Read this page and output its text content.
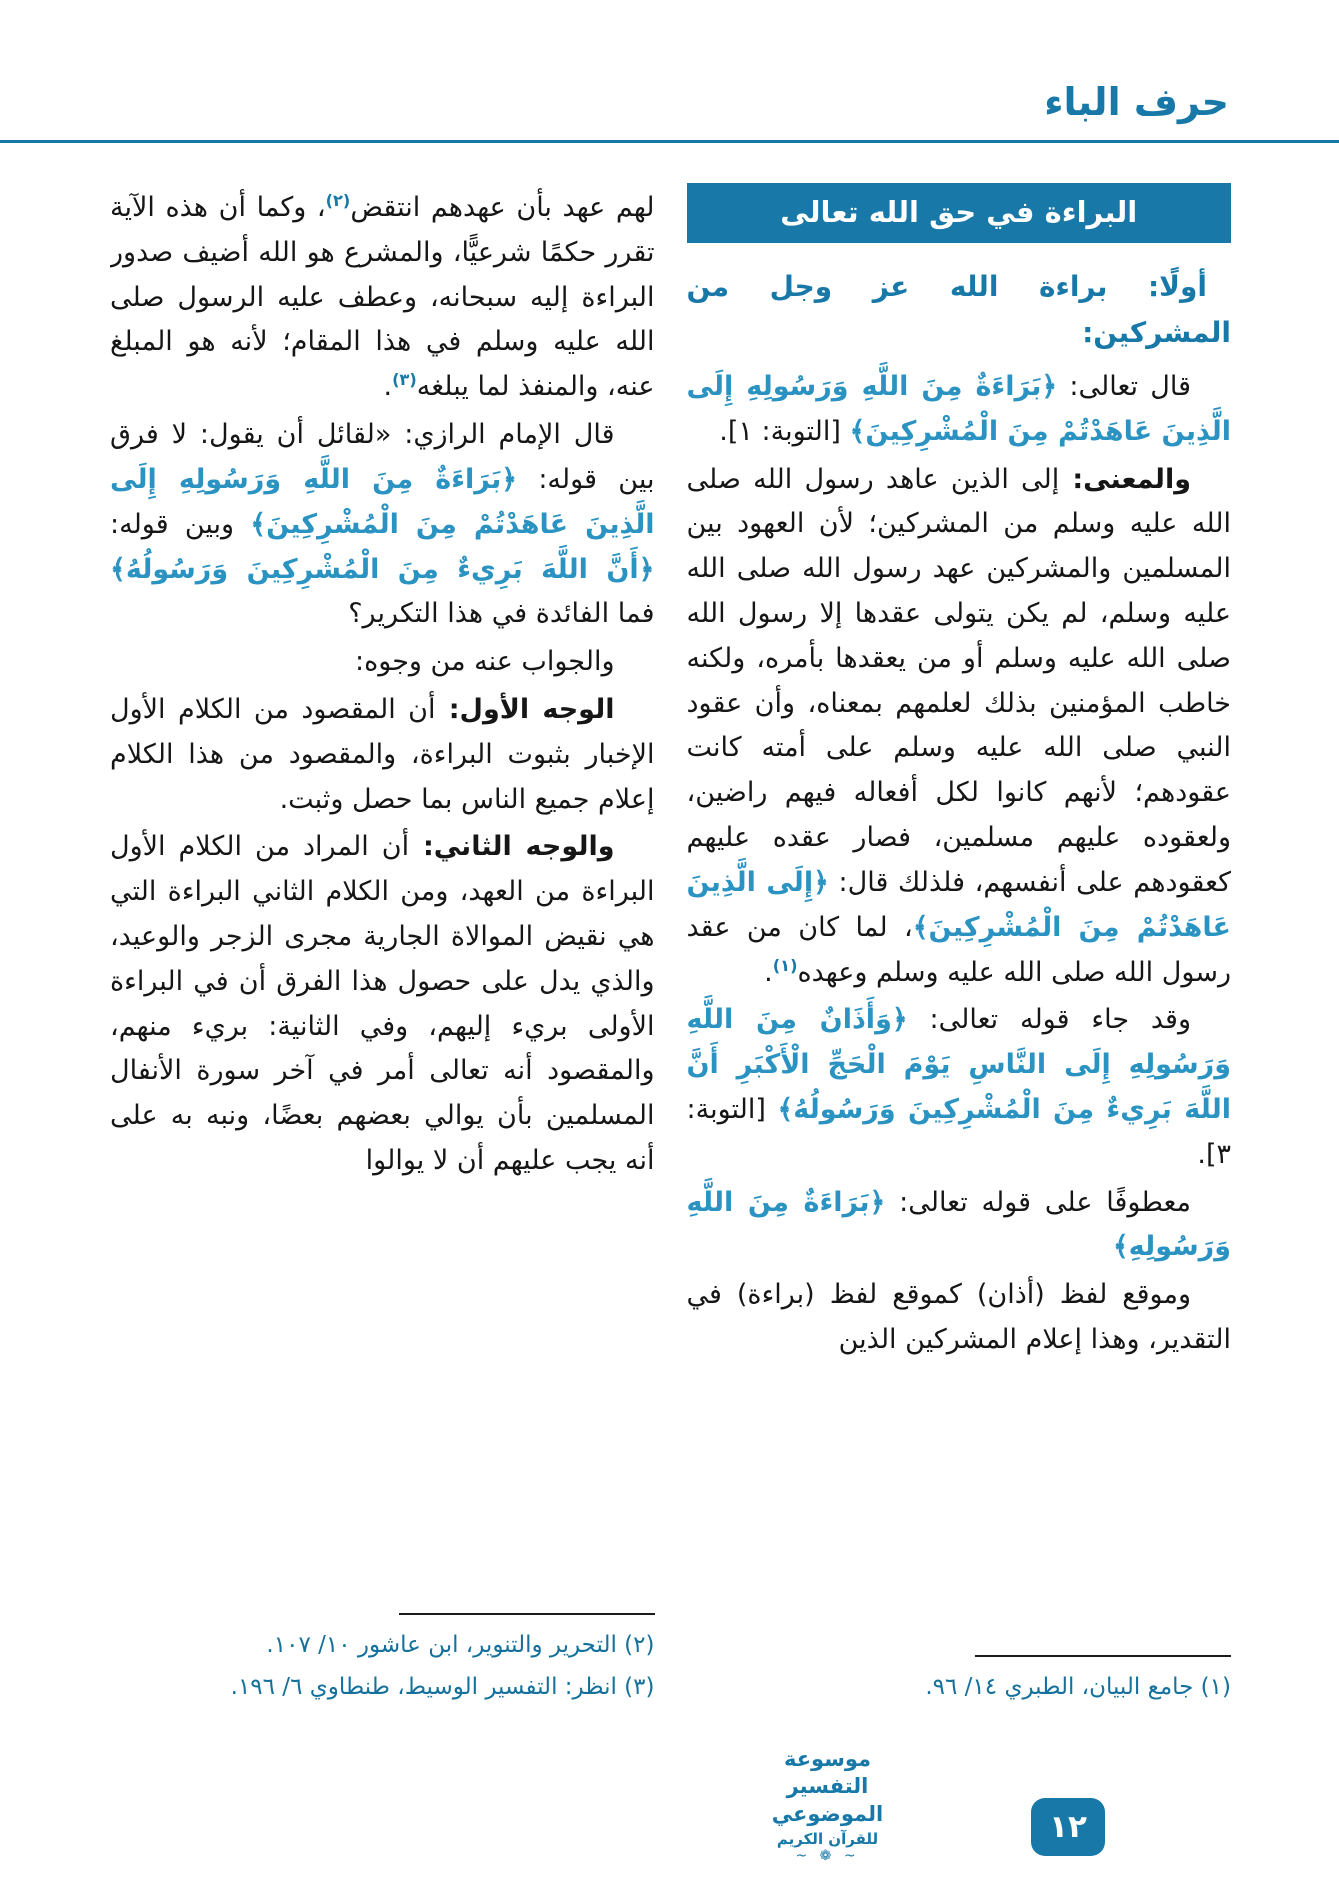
حرف الباء
البراءة في حق الله تعالى

أولًا: براءة الله عز وجل من المشركين:

قال تعالى: ﴿بَرَاءَةٌ مِنَ اللَّهِ وَرَسُولِهِ إِلَى الَّذِينَ عَاهَدْتُمْ مِنَ الْمُشْرِكِينَ﴾ [التوبة: ١].

والمعنى: إلى الذين عاهد رسول الله صلى الله عليه وسلم من المشركين؛ لأن العهود بين المسلمين والمشركين عهد رسول الله صلى الله عليه وسلم، لم يكن يتولى عقدها إلا رسول الله صلى الله عليه وسلم أو من يعقدها بأمره، ولكنه خاطب المؤمنين بذلك لعلمهم بمعناه، وأن عقود النبي صلى الله عليه وسلم على أمته كانت عقودهم؛ لأنهم كانوا لكل أفعاله فيهم راضين، ولعقوده عليهم مسلمين، فصار عقده عليهم كعقودهم على أنفسهم، فلذلك قال: ﴿إِلَى الَّذِينَ عَاهَدْتُمْ مِنَ الْمُشْرِكِينَ﴾، لما كان من عقد رسول الله صلى الله عليه وسلم وعهده$^{(١)}$.

وقد جاء قوله تعالى: ﴿وَأَذَانٌ مِنَ اللَّهِ وَرَسُولِهِ إِلَى النَّاسِ يَوْمَ الْحَجِّ الْأَكْبَرِ أَنَّ اللَّهَ بَرِيءٌ مِنَ الْمُشْرِكِينَ وَرَسُولُهُ﴾ [التوبة: ٣].

معطوفًا على قوله تعالى: ﴿بَرَاءَةٌ مِنَ اللَّهِ وَرَسُولِهِ﴾

وموقع لفظ (أذان) كموقع لفظ (براءة) في التقدير، وهذا إعلام المشركين الذين

(١) جامع البيان، الطبري ١٤/ ٩٦.

لهم عهد بأن عهدهم انتقض$^{(٢)}$، وكما أن هذه الآية تقرر حكمًا شرعيًّا، والمشرع هو الله أضيف صدور البراءة إليه سبحانه، وعطف عليه الرسول صلى الله عليه وسلم في هذا المقام؛ لأنه هو المبلغ عنه، والمنفذ لما يبلغه$^{(٣)}$.

قال الإمام الرازي: «لقائل أن يقول: لا فرق بين قوله: ﴿بَرَاءَةٌ مِنَ اللَّهِ وَرَسُولِهِ إِلَى الَّذِينَ عَاهَدْتُمْ مِنَ الْمُشْرِكِينَ﴾ وبين قوله: ﴿أَنَّ اللَّهَ بَرِيءٌ مِنَ الْمُشْرِكِينَ وَرَسُولُهُ﴾ فما الفائدة في هذا التكرير؟

والجواب عنه من وجوه:

الوجه الأول: أن المقصود من الكلام الأول الإخبار بثبوت البراءة، والمقصود من هذا الكلام إعلام جميع الناس بما حصل وثبت.

والوجه الثاني: أن المراد من الكلام الأول البراءة من العهد، ومن الكلام الثاني البراءة التي هي نقيض الموالاة الجارية مجرى الزجر والوعيد، والذي يدل على حصول هذا الفرق أن في البراءة الأولى بريء إليهم، وفي الثانية: بريء منهم، والمقصود أنه تعالى أمر في آخر سورة الأنفال المسلمين بأن يوالي بعضهم بعضًا، ونبه به على أنه يجب عليهم أن لا يوالوا

(٢) التحرير والتنوير، ابن عاشور ١٠/ ١٠٧.

(٣) انظر: التفسير الوسيط، طنطاوي ٦/ ١٩٦.

موسوعة التفسير الموضوعي
للقرآن الكريم
~ ❁ ~
١٢
